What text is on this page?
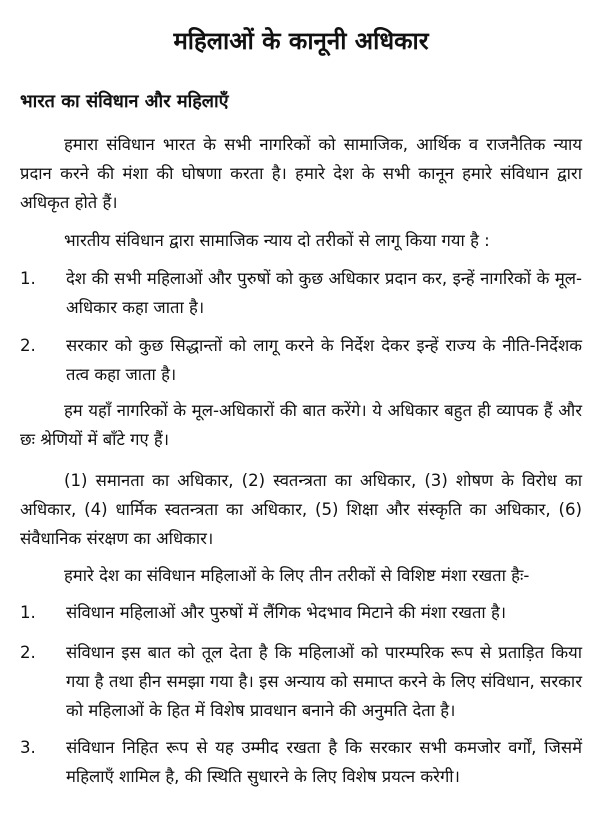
महिलाओं के कानूनी अधिकार
भारत का संविधान और महिलाएँ

हमारा संविधान भारत के सभी नागरिकों को सामाजिक, आर्थिक व राजनैतिक न्याय प्रदान करने की मंशा की घोषणा करता है। हमारे देश के सभी कानून हमारे संविधान द्वारा अधिकृत होते हैं।

भारतीय संविधान द्वारा सामाजिक न्याय दो तरीकों से लागू किया गया है :

1.	देश की सभी महिलाओं और पुरुषों को कुछ अधिकार प्रदान कर, इन्हें नागरिकों के मूल-अधिकार कहा जाता है।
2.	सरकार को कुछ सिद्धान्तों को लागू करने के निर्देश देकर इन्हें राज्य के नीति-निर्देशक तत्व कहा जाता है।

हम यहाँ नागरिकों के मूल-अधिकारों की बात करेंगे। ये अधिकार बहुत ही व्यापक हैं और छः श्रेणियों में बाँटे गए हैं।

(1) समानता का अधिकार, (2) स्वतन्त्रता का अधिकार, (3) शोषण के विरोध का अधिकार, (4) धार्मिक स्वतन्त्रता का अधिकार, (5) शिक्षा और संस्कृति का अधिकार, (6) संवैधानिक संरक्षण का अधिकार।

हमारे देश का संविधान महिलाओं के लिए तीन तरीकों से विशिष्ट मंशा रखता हैः-

1.	संविधान महिलाओं और पुरुषों में लैंगिक भेदभाव मिटाने की मंशा रखता है।
2.	संविधान इस बात को तूल देता है कि महिलाओं को पारम्परिक रूप से प्रताड़ित किया गया है तथा हीन समझा गया है। इस अन्याय को समाप्त करने के लिए संविधान, सरकार को महिलाओं के हित में विशेष प्रावधान बनाने की अनुमति देता है।
3.	संविधान निहित रूप से यह उम्मीद रखता है कि सरकार सभी कमजोर वर्गों, जिसमें महिलाएँ शामिल है, की स्थिति सुधारने के लिए विशेष प्रयत्न करेगी।
